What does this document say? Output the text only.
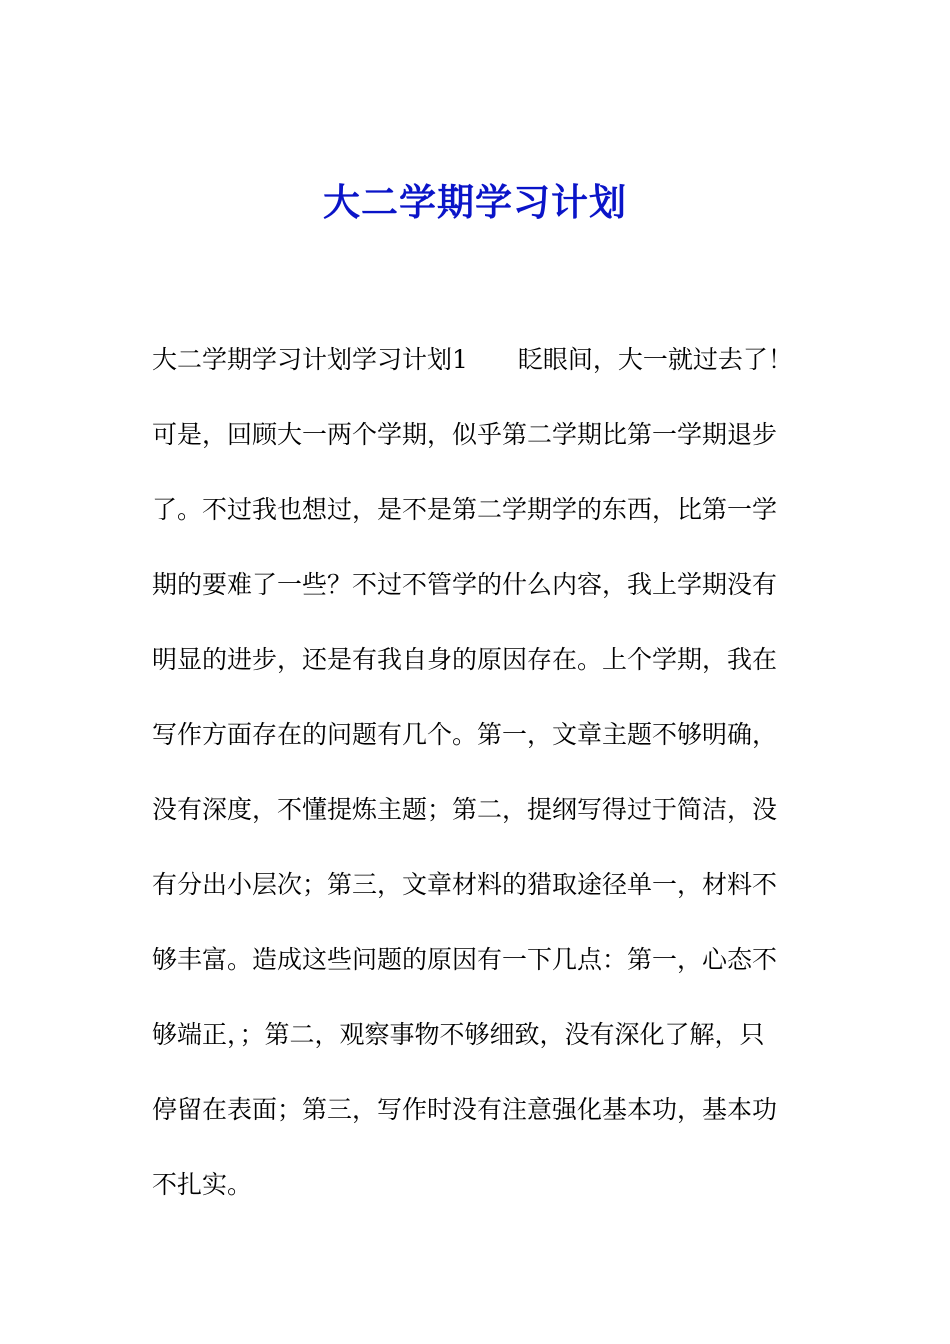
大二学期学习计划
大二学期学习计划学习计划1　　眨眼间，大一就过去了！
可是，回顾大一两个学期，似乎第二学期比第一学期退步
了。不过我也想过，是不是第二学期学的东西，比第一学
期的要难了一些？不过不管学的什么内容，我上学期没有
明显的进步，还是有我自身的原因存在。上个学期，我在
写作方面存在的问题有几个。第一，文章主题不够明确，
没有深度，不懂提炼主题；第二，提纲写得过于简洁，没
有分出小层次；第三，文章材料的猎取途径单一，材料不
够丰富。造成这些问题的原因有一下几点：第一，心态不
够端正，；第二，观察事物不够细致，没有深化了解，只
停留在表面；第三，写作时没有注意强化基本功，基本功
不扎实。
